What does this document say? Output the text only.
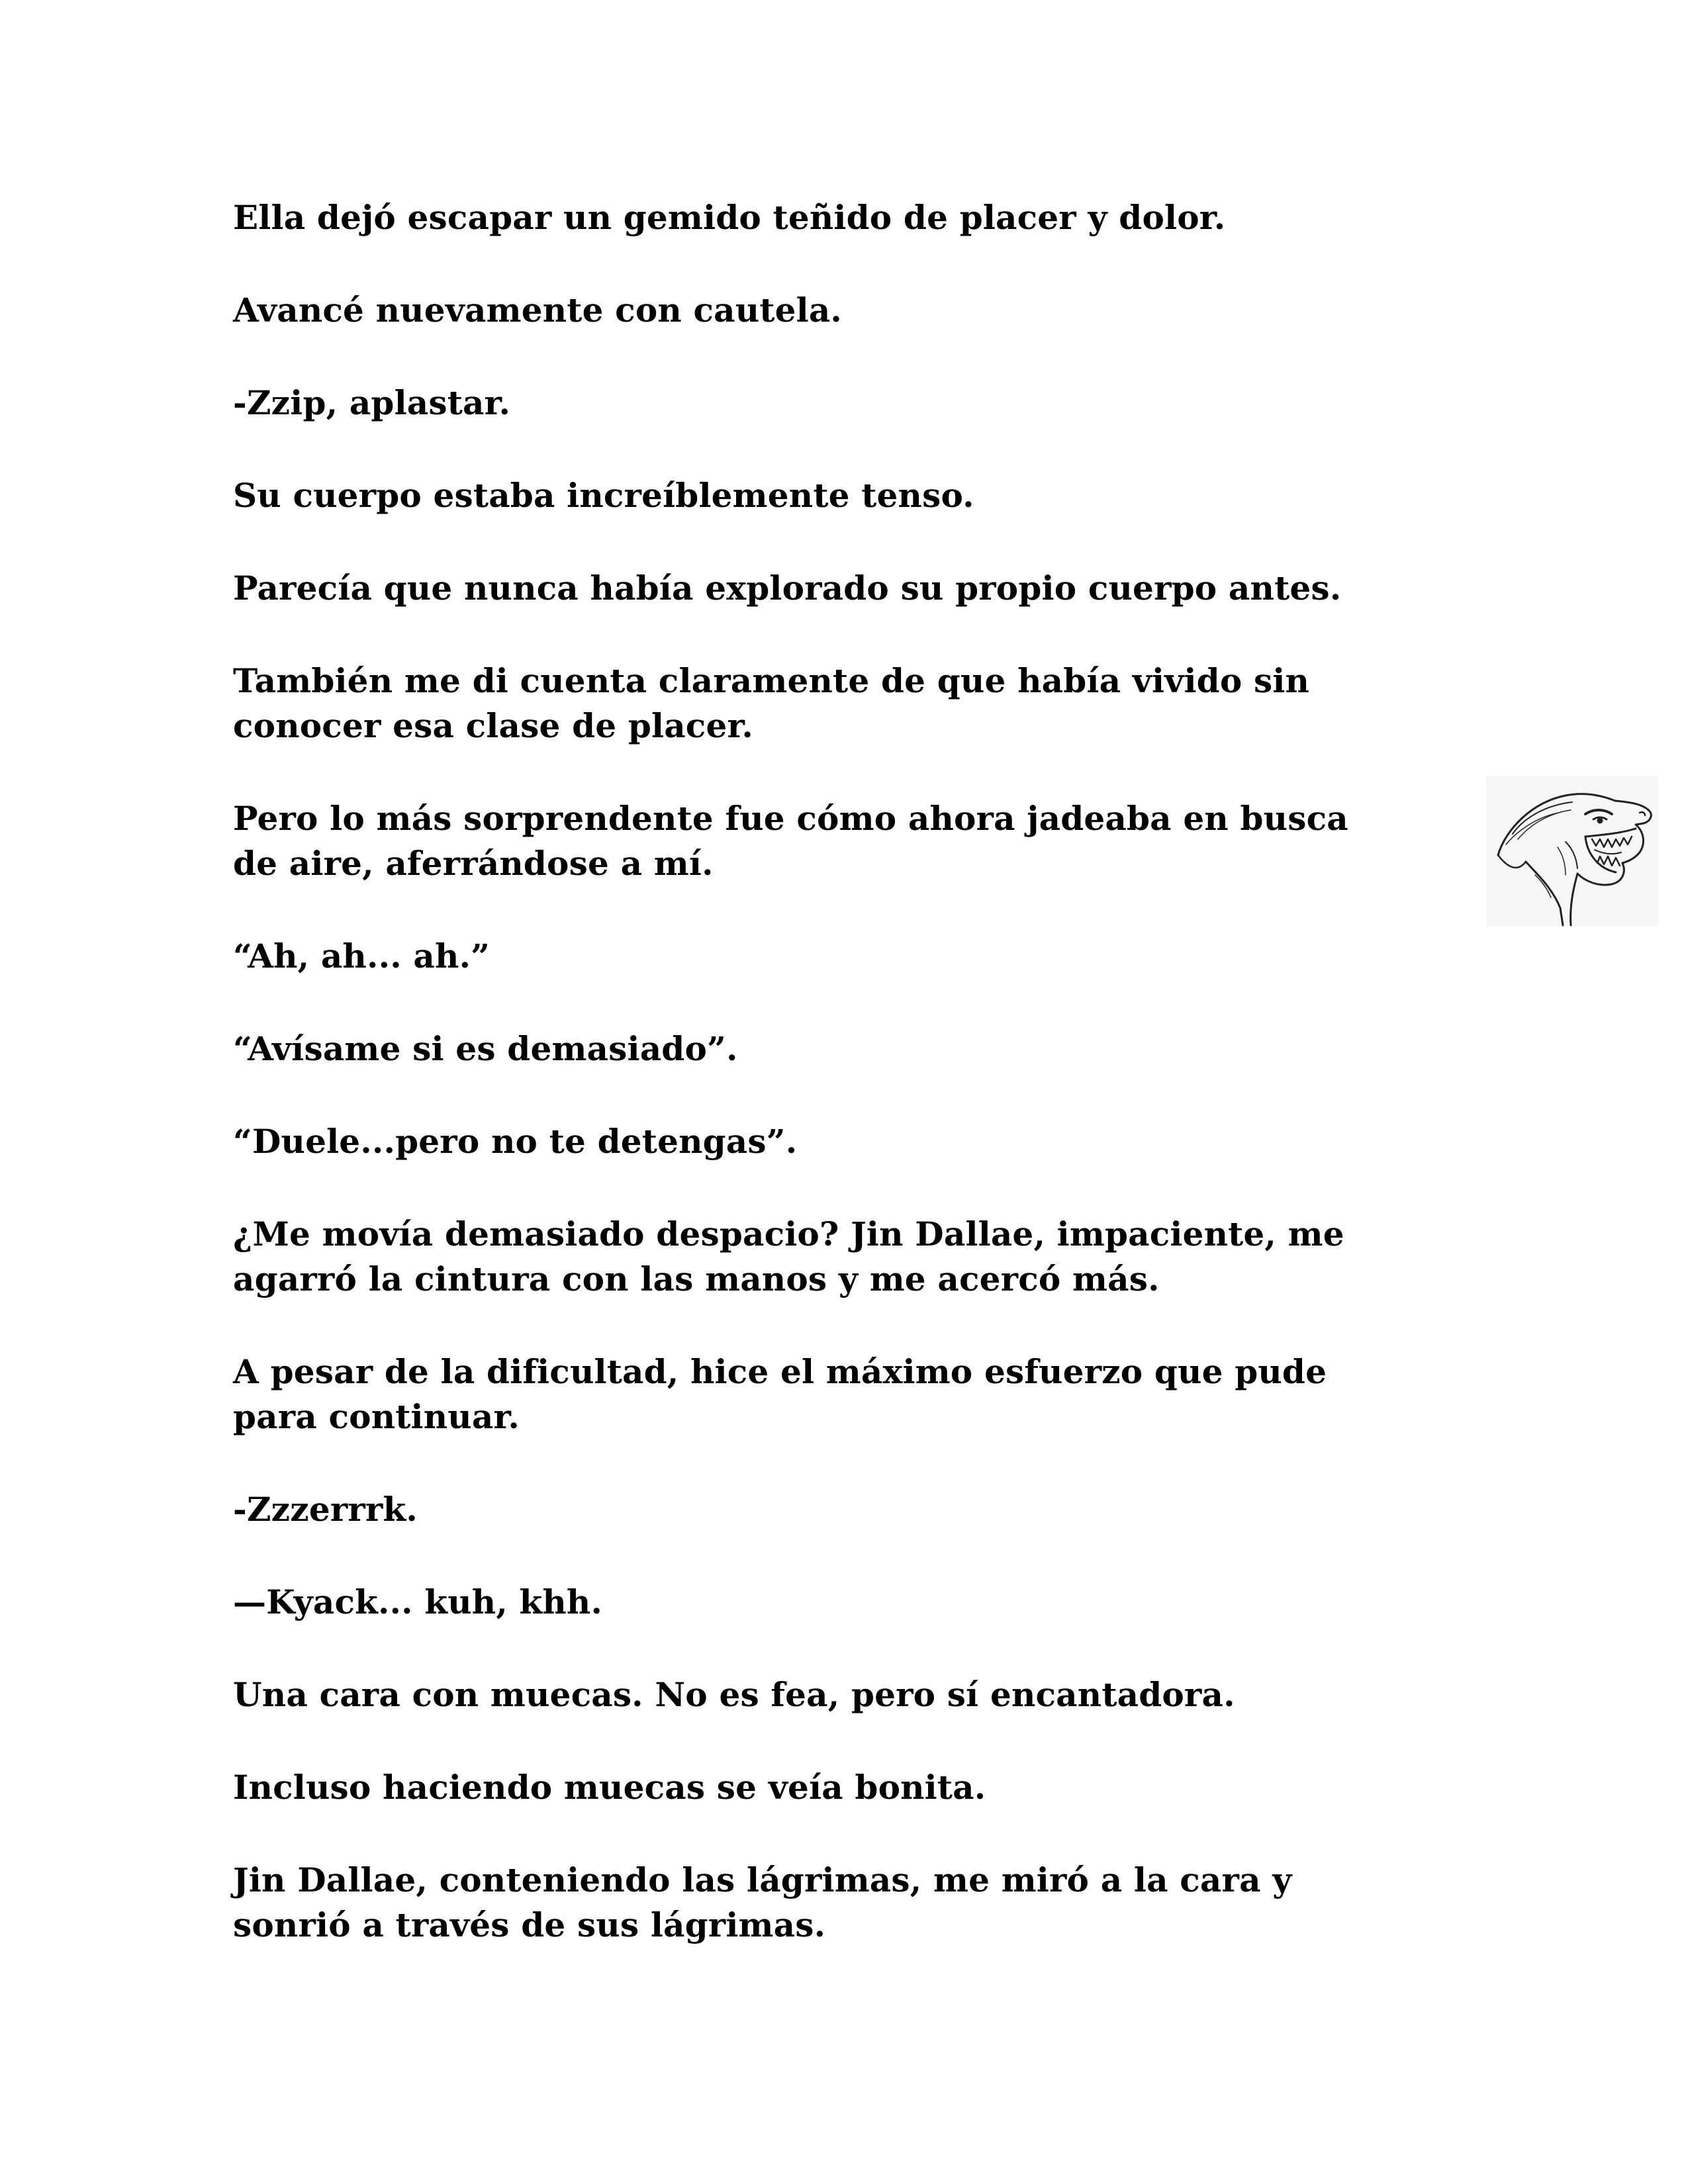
Ella dejó escapar un gemido teñido de placer y dolor.

Avancé nuevamente con cautela.

-Zzip, aplastar.

Su cuerpo estaba increíblemente tenso.

Parecía que nunca había explorado su propio cuerpo antes.

También me di cuenta claramente de que había vivido sin
conocer esa clase de placer.

Pero lo más sorprendente fue cómo ahora jadeaba en busca
de aire, aferrándose a mí.

“Ah, ah... ah.”

“Avísame si es demasiado”.

“Duele...pero no te detengas”.

¿Me movía demasiado despacio? Jin Dallae, impaciente, me
agarró la cintura con las manos y me acercó más.

A pesar de la dificultad, hice el máximo esfuerzo que pude
para continuar.

-Zzzerrrk.

—Kyack... kuh, khh.

Una cara con muecas. No es fea, pero sí encantadora.

Incluso haciendo muecas se veía bonita.

Jin Dallae, conteniendo las lágrimas, me miró a la cara y
sonrió a través de sus lágrimas.
